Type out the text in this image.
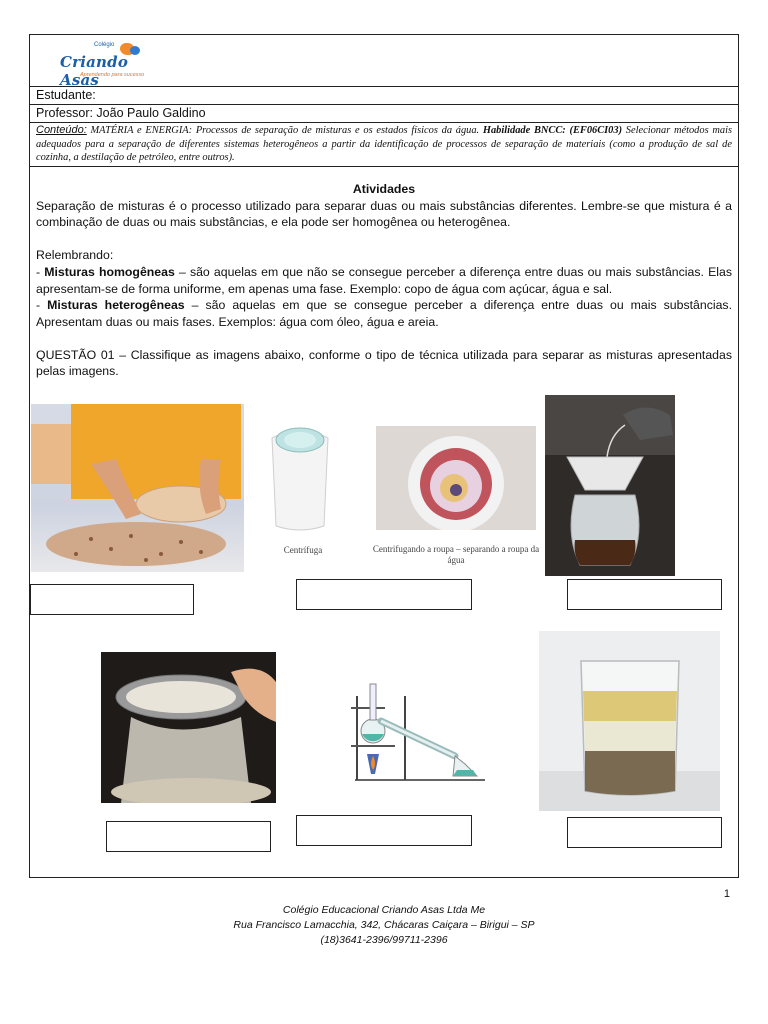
Colégio
Criando Asas
Aprendendo para sucesso
Estudante:
Professor: João Paulo Galdino
Conteúdo: MATÉRIA e ENERGIA: Processos de separação de misturas e os estados físicos da água. Habilidade BNCC: (EF06CI03) Selecionar métodos mais adequados para a separação de diferentes sistemas heterogêneos a partir da identificação de processos de separação de materiais (como a produção de sal de cozinha, a destilação de petróleo, entre outros).

Atividades

Separação de misturas é o processo utilizado para separar duas ou mais substâncias diferentes. Lembre-se que mistura é a combinação de duas ou mais substâncias, e ela pode ser homogênea ou heterogênea.

Relembrando:

- Misturas homogêneas – são aquelas em que não se consegue perceber a diferença entre duas ou mais substâncias. Elas apresentam-se de forma uniforme, em apenas uma fase. Exemplo: copo de água com açúcar, água e sal.

- Misturas heterogêneas – são aquelas em que se consegue perceber a diferença entre duas ou mais substâncias. Apresentam duas ou mais fases. Exemplos: água com óleo, água e areia.

QUESTÃO 01 – Classifique as imagens abaixo, conforme o tipo de técnica utilizada para separar as misturas apresentadas pelas imagens.

Centrífuga	Centrifugando a roupa – separando a roupa da água
1
Colégio Educacional Criando Asas Ltda Me
Rua Francisco Lamacchia, 342, Chácaras Caiçara – Birigui – SP
(18)3641-2396/99711-2396
